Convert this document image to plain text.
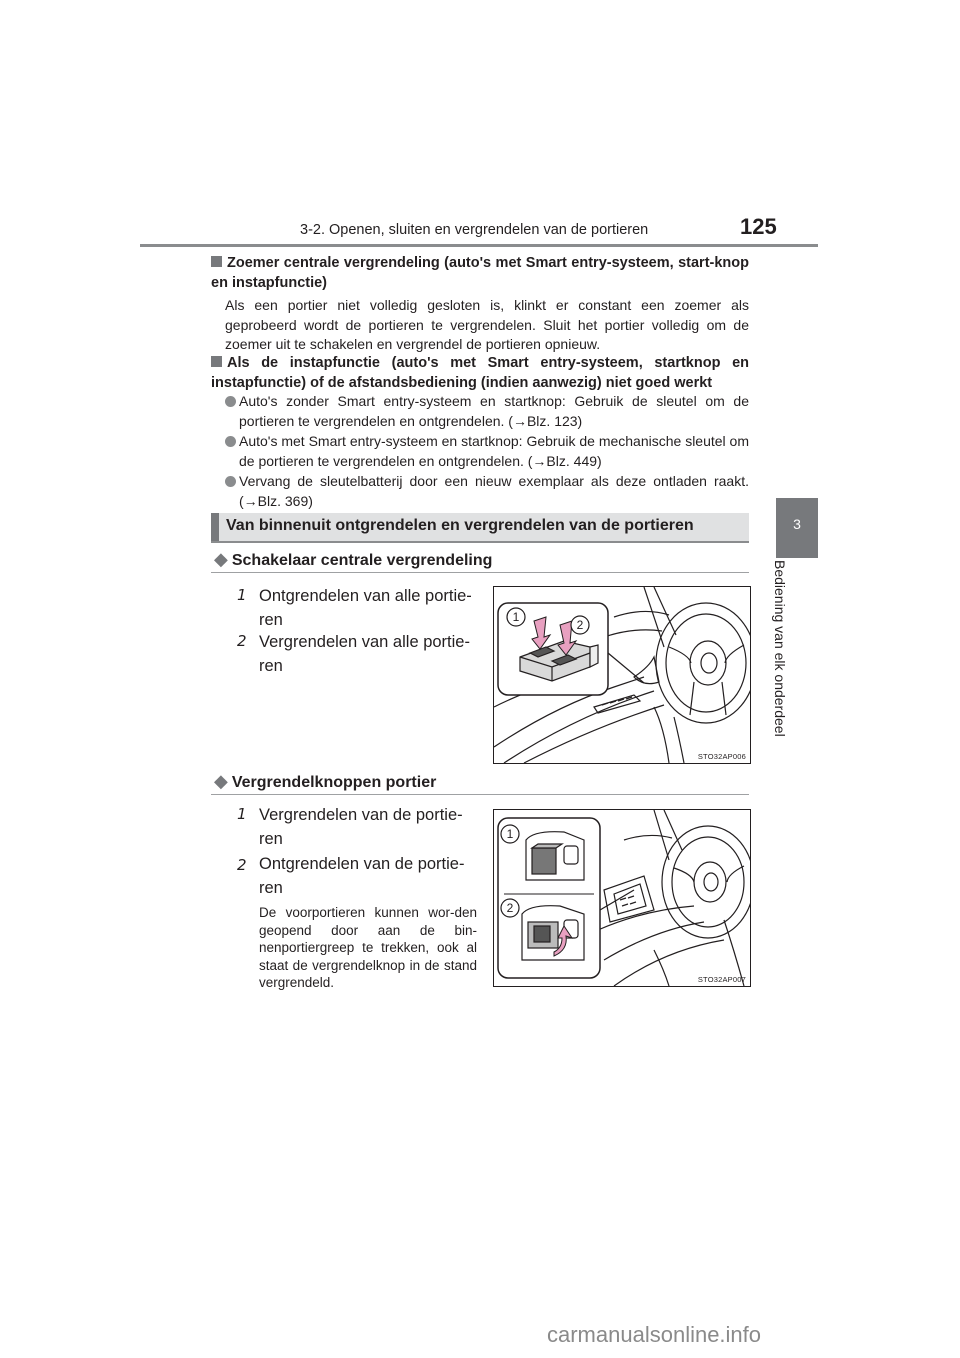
3-2. Openen, sluiten en vergrendelen van de portieren	125
3
Bediening van elk onderdeel
Zoemer centrale vergrendeling (auto's met Smart entry-systeem, start-knop en instapfunctie)
Als een portier niet volledig gesloten is, klinkt er constant een zoemer als geprobeerd wordt de portieren te vergrendelen. Sluit het portier volledig om de zoemer uit te schakelen en vergrendel de portieren opnieuw.
Als de instapfunctie (auto's met Smart entry-systeem, startknop en instapfunctie) of de afstandsbediening (indien aanwezig) niet goed werkt
Auto's zonder Smart entry-systeem en startknop: Gebruik de sleutel om de portieren te vergrendelen en ontgrendelen. (→Blz. 123)
Auto's met Smart entry-systeem en startknop: Gebruik de mechanische sleutel om de portieren te vergrendelen en ontgrendelen. (→Blz. 449)
Vervang de sleutelbatterij door een nieuw exemplaar als deze ontladen raakt. (→Blz. 369)
Van binnenuit ontgrendelen en vergrendelen van de portieren
◆ Schakelaar centrale vergrendeling
1 Ontgrendelen van alle portie-ren
2 Vergrendelen van alle portie-ren
1
2
STO32AP006
◆ Vergrendelknoppen portier
1 Vergrendelen van de portie-ren
2 Ontgrendelen van de portie-ren
De voorportieren kunnen wor-den geopend door aan de bin-nenportiergreep te trekken, ook al staat de vergrendelknop in de stand vergrendeld.
1
2
STO32AP007
carmanualsonline.info
